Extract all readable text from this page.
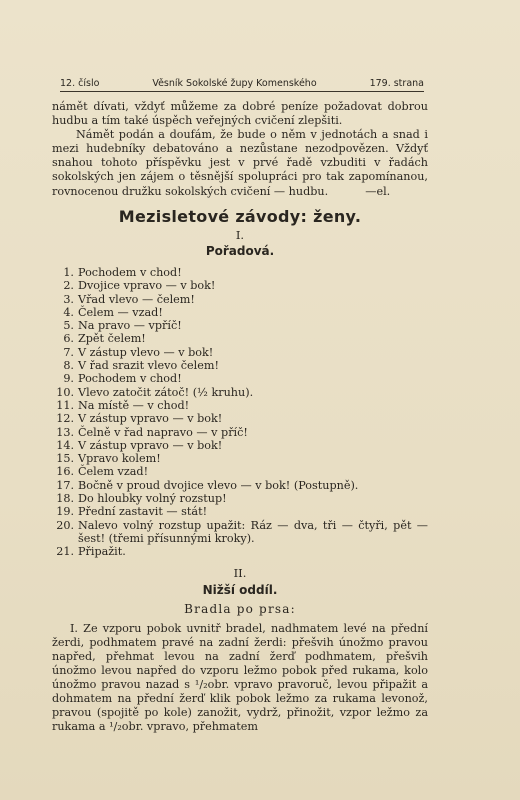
12. číslo	Věsník Sokolské župy Komenského	179. strana

námět dívati, vždyť můžeme za dobré peníze požadovat dobrou hudbu a tím také úspěch veřejných cvičení zlepšiti.

Námět podán a doufám, že bude o něm v jednotách a snad i mezi hudebníky debatováno a nezůstane nezodpovězen. Vždyť snahou tohoto příspěvku jest v prvé řadě vzbuditi v řadách sokolských jen zájem o těsnější spolupráci pro tak zapomínanou, rovnocenou družku sokolských cvičení — hudbu.	—el.

Mezisletové závody: ženy.
I.
Pořadová.
1. Pochodem v chod!
2. Dvojice vpravo — v bok!
3. Vřad vlevo — čelem!
4. Čelem — vzad!
5. Na pravo — vpříč!
6. Zpět čelem!
7. V zástup vlevo — v bok!
8. V řad srazit vlevo čelem!
9. Pochodem v chod!
10. Vlevo zatočit zátoč! (½ kruhu).
11. Na místě — v chod!
12. V zástup vpravo — v bok!
13. Čelně v řad napravo — v příč!
14. V zástup vpravo — v bok!
15. Vpravo kolem!
16. Čelem vzad!
17. Bočně v proud dvojice vlevo — v bok! (Postupně).
18. Do hloubky volný rozstup!
19. Přední zastavit — stát!
20. Nalevo volný rozstup upažit: Ráz — dva, tři — čtyři, pět — šest! (třemi přísunnými kroky).
21. Připažit.
II.
Nižší oddíl.
Bradla po prsa:

I. Ze vzporu pobok uvnitř bradel, nadhmatem levé na přední žerdi, podhmatem pravé na zadní žerdi: přešvih únožmo pravou napřed, přehmat levou na zadní žerď podhmatem, přešvih únožmo levou napřed do vzporu ležmo pobok před rukama, kolo únožmo pravou nazad s ¹/₂obr. vpravo pravoruč, levou připažit a dohmatem na přední žerď klik pobok ležmo za rukama levonož, pravou (spojitě po kole) zanožit, vydrž, přinožit, vzpor ležmo za rukama a ¹/₂obr. vpravo, přehmatem
